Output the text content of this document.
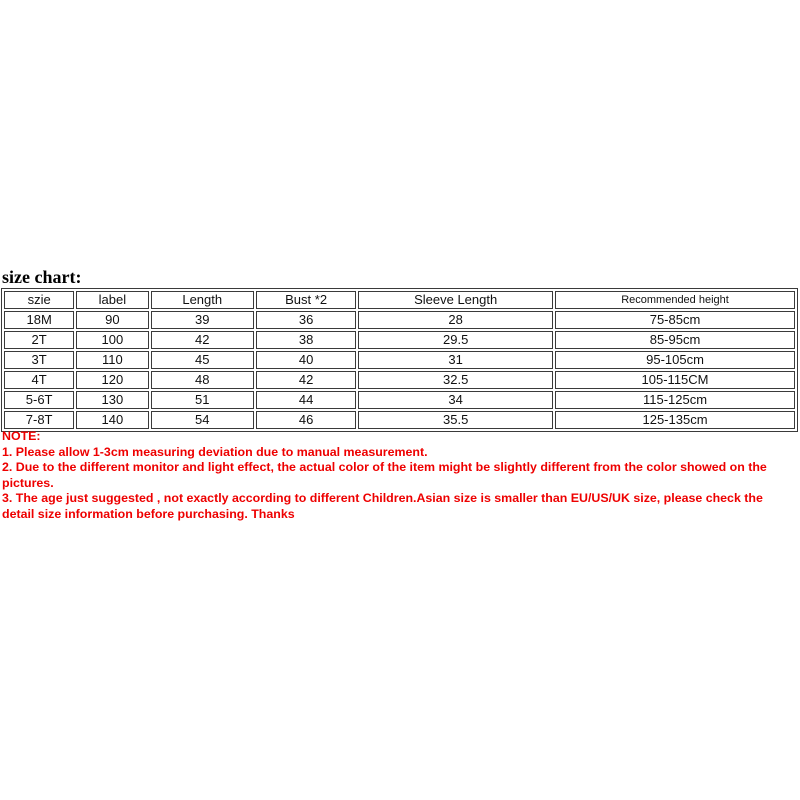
size chart:
szie	label	Length	Bust *2	Sleeve Length	Recommended height
18M	90	39	36	28	75-85cm
2T	100	42	38	29.5	85-95cm
3T	110	45	40	31	95-105cm
4T	120	48	42	32.5	105-115CM
5-6T	130	51	44	34	115-125cm
7-8T	140	54	46	35.5	125-135cm

NOTE:

1. Please allow 1-3cm measuring deviation due to manual measurement.

2. Due to the different monitor and light effect, the actual color of the item might be slightly different from the color showed on the pictures.

3. The age just suggested , not exactly according to different Children.Asian size is smaller than EU/US/UK size, please check the detail size information before purchasing. Thanks
